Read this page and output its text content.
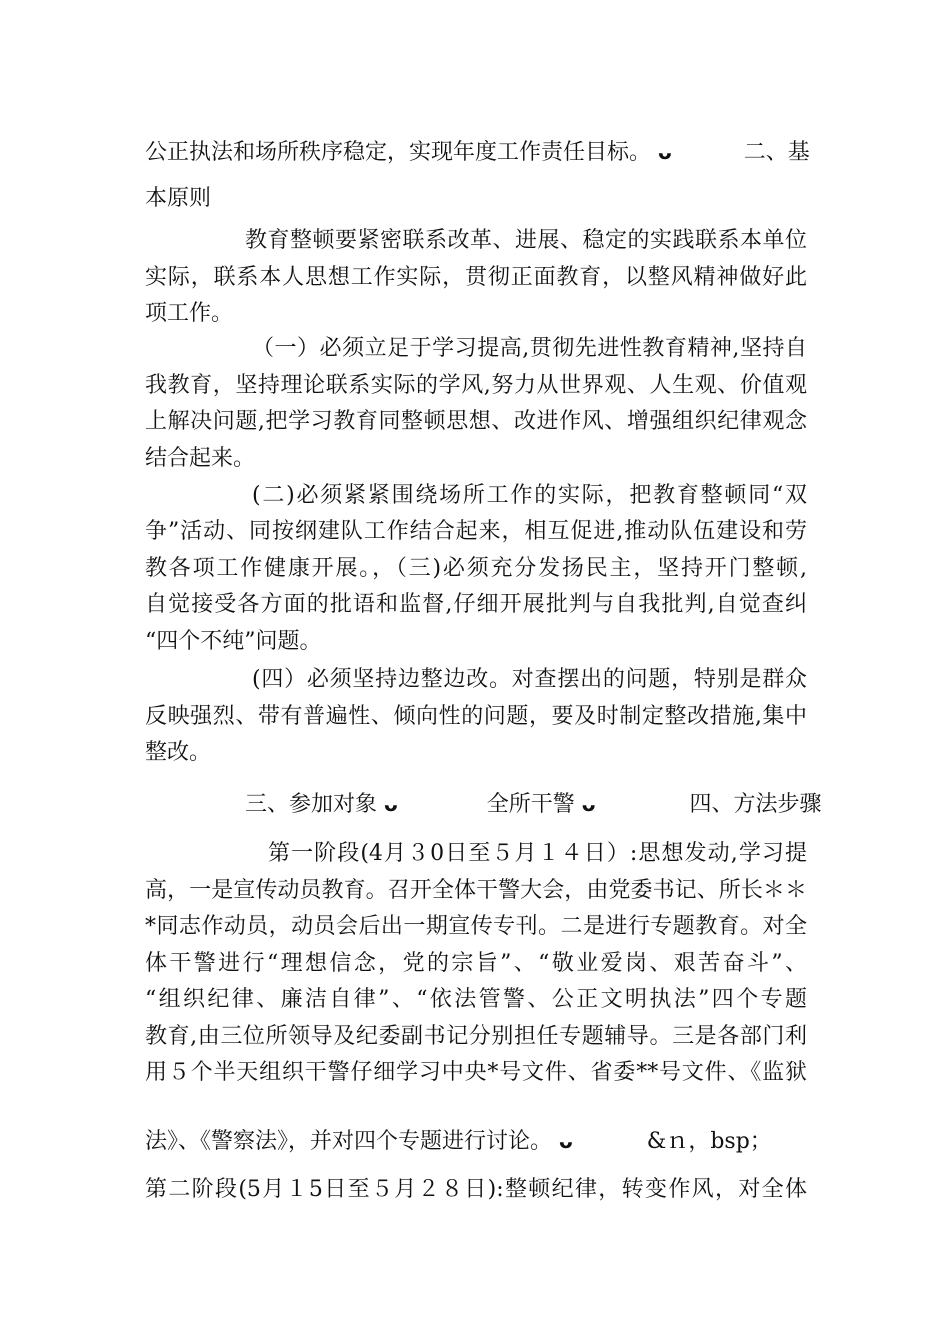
公正执法和场所秩序稳定，实现年度工作责任目标。 ᴗ	二、基
本原则
教育整顿要紧密联系改革、进展、稳定的实践联系本单位
实际，联系本人思想工作实际，贯彻正面教育，以整风精神做好此
项工作。
（一）必须立足于学习提高,贯彻先进性教育精神,坚持自
我教育，坚持理论联系实际的学风,努力从世界观、人生观、价值观
上解决问题,把学习教育同整顿思想、改进作风、增强组织纪律观念
结合起来。
(二)必须紧紧围绕场所工作的实际，把教育整顿同“双
争”活动、同按纲建队工作结合起来，相互促进,推动队伍建设和劳
教各项工作健康开展。，（三)必须充分发扬民主，坚持开门整顿,
自觉接受各方面的批语和监督,仔细开展批判与自我批判,自觉查纠
“四个不纯”问题。
(四）必须坚持边整边改。对查摆出的问题，特别是群众
反映强烈、带有普遍性、倾向性的问题，要及时制定整改措施,集中
整改。
三、参加对象 ᴗ	全所干警 ᴗ	四、方法步骤
第一阶段(4月３0日至５月１４日）:思想发动,学习提
高，一是宣传动员教育。召开全体干警大会，由党委书记、所长＊＊
*同志作动员，动员会后出一期宣传专刊。二是进行专题教育。对全
体干警进行“理想信念，党的宗旨”、“敬业爱岗、艰苦奋斗”、
“组织纪律、廉洁自律”、“依法管警、公正文明执法”四个专题
教育,由三位所领导及纪委副书记分别担任专题辅导。三是各部门利
用５个半天组织干警仔细学习中央*号文件、省委**号文件、《监狱
法》、《警察法》，并对四个专题进行讨论。 ᴗ	&ｎ，bsp；
第二阶段(5月１5日至５月２８日):整顿纪律，转变作风，对全体
